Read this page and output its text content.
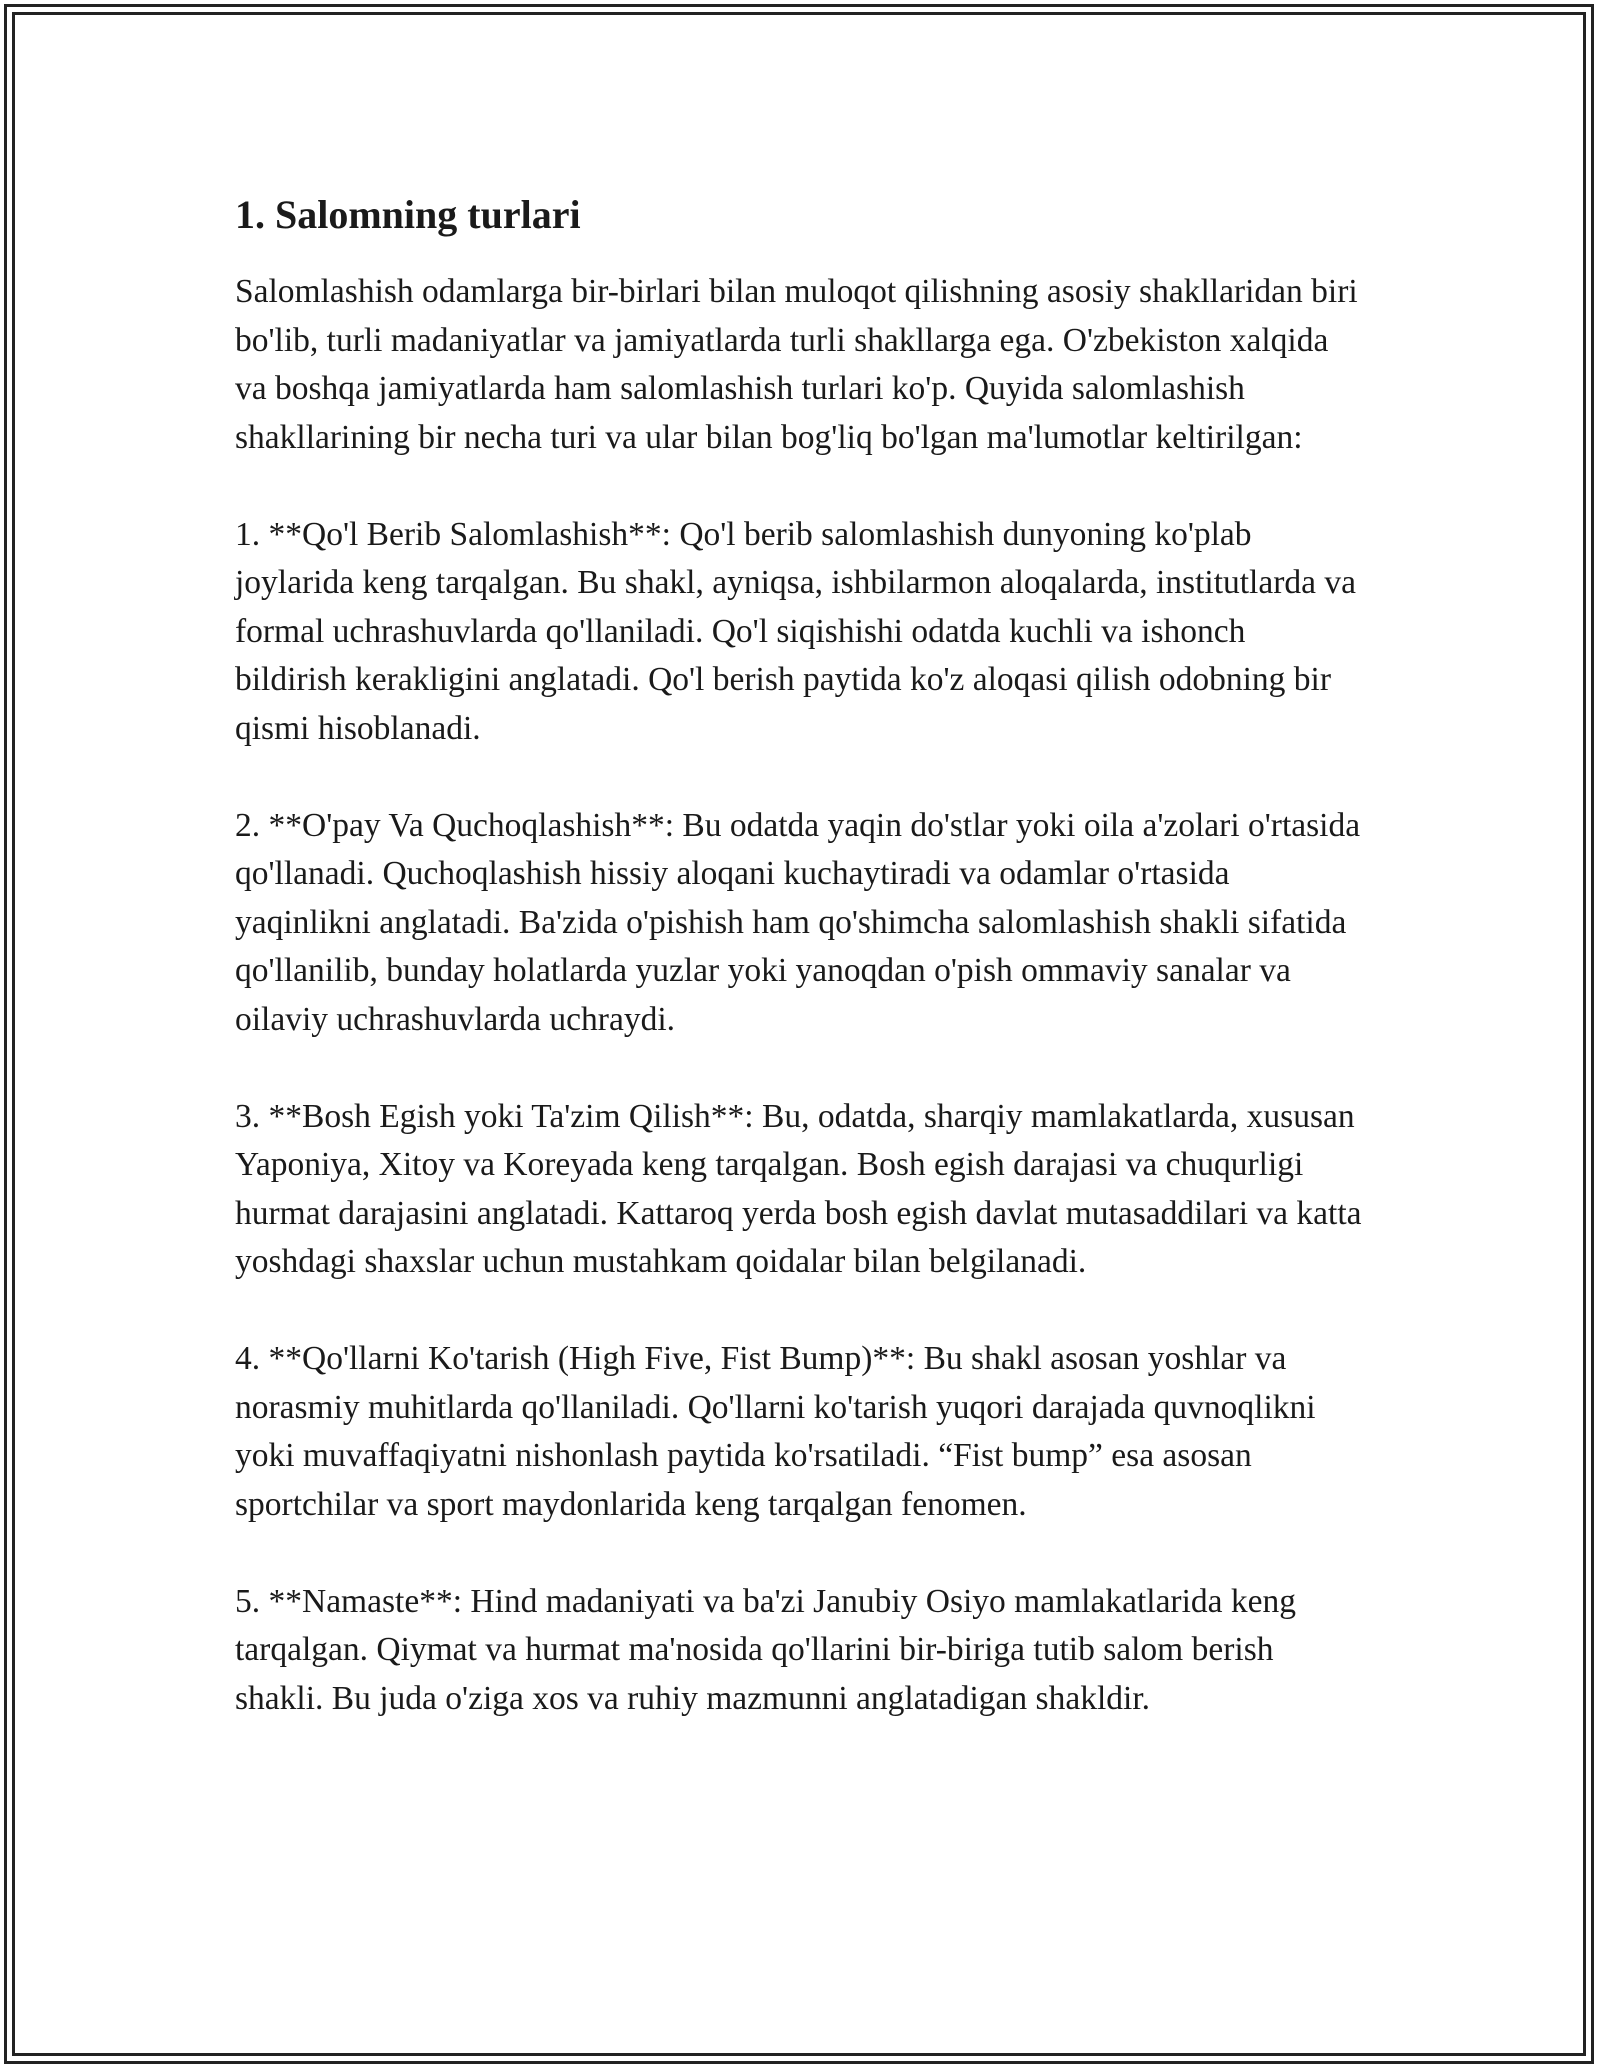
1. Salomning turlari

Salomlashish odamlarga bir-birlari bilan muloqot qilishning asosiy shakllaridan biri bo'lib, turli madaniyatlar va jamiyatlarda turli shakllarga ega. O'zbekiston xalqida va boshqa jamiyatlarda ham salomlashish turlari ko'p. Quyida salomlashish shakllarining bir necha turi va ular bilan bog'liq bo'lgan ma'lumotlar keltirilgan:

1. **Qo'l Berib Salomlashish**: Qo'l berib salomlashish dunyoning ko'plab joylarida keng tarqalgan. Bu shakl, ayniqsa, ishbilarmon aloqalarda, institutlarda va formal uchrashuvlarda qo'llaniladi. Qo'l siqishishi odatda kuchli va ishonch bildirish kerakligini anglatadi. Qo'l berish paytida ko'z aloqasi qilish odobning bir qismi hisoblanadi.

2. **O'pay Va Quchoqlashish**: Bu odatda yaqin do'stlar yoki oila a'zolari o'rtasida qo'llanadi. Quchoqlashish hissiy aloqani kuchaytiradi va odamlar o'rtasida yaqinlikni anglatadi. Ba'zida o'pishish ham qo'shimcha salomlashish shakli sifatida qo'llanilib, bunday holatlarda yuzlar yoki yanoqdan o'pish ommaviy sanalar va oilaviy uchrashuvlarda uchraydi.

3. **Bosh Egish yoki Ta'zim Qilish**: Bu, odatda, sharqiy mamlakatlarda, xususan Yaponiya, Xitoy va Koreyada keng tarqalgan. Bosh egish darajasi va chuqurligi hurmat darajasini anglatadi. Kattaroq yerda bosh egish davlat mutasaddilari va katta yoshdagi shaxslar uchun mustahkam qoidalar bilan belgilanadi.

4. **Qo'llarni Ko'tarish (High Five, Fist Bump)**: Bu shakl asosan yoshlar va norasmiy muhitlarda qo'llaniladi. Qo'llarni ko'tarish yuqori darajada quvnoqlikni yoki muvaffaqiyatni nishonlash paytida ko'rsatiladi. “Fist bump” esa asosan sportchilar va sport maydonlarida keng tarqalgan fenomen.

5. **Namaste**: Hind madaniyati va ba'zi Janubiy Osiyo mamlakatlarida keng tarqalgan. Qiymat va hurmat ma'nosida qo'llarini bir-biriga tutib salom berish shakli. Bu juda o'ziga xos va ruhiy mazmunni anglatadigan shakldir.
